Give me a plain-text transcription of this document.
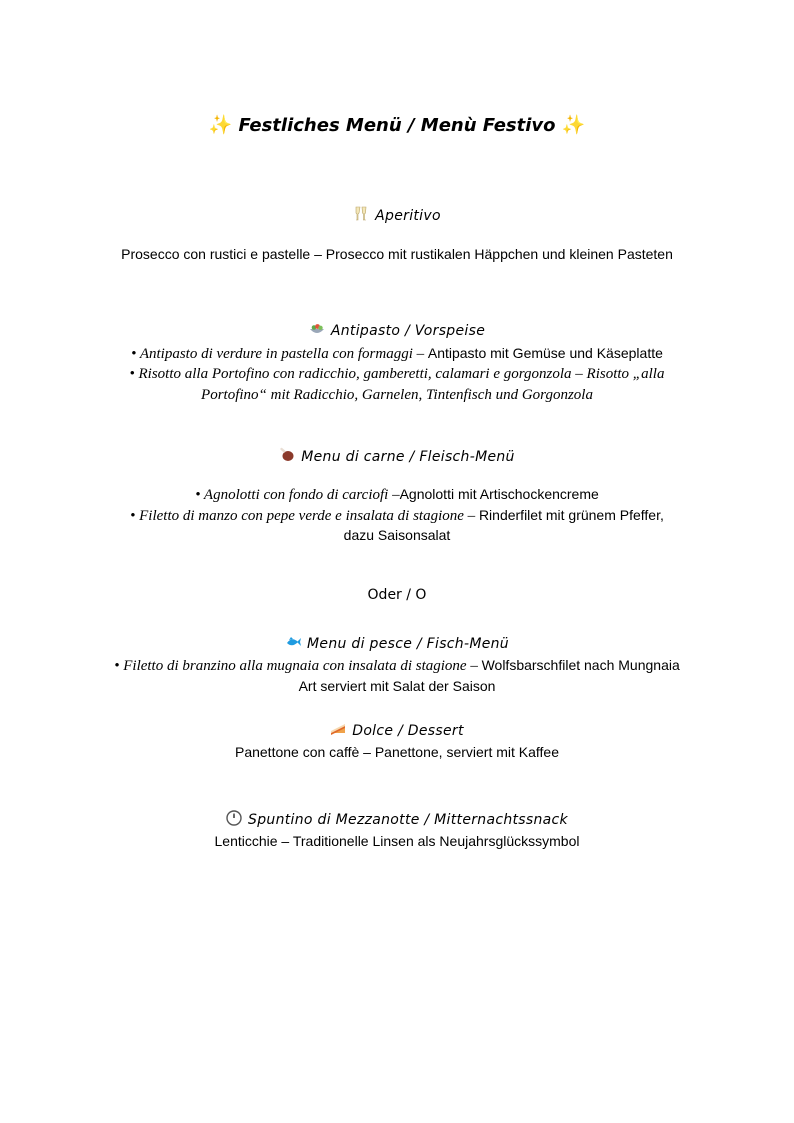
✨ Festliches Menü / Menù Festivo ✨
Aperitivo
Prosecco con rustici e pastelle – Prosecco mit rustikalen Häppchen und kleinen Pasteten
Antipasto / Vorspeise
• Antipasto di verdure in pastella con formaggi – Antipasto mit Gemüse und Käseplatte
• Risotto alla Portofino con radicchio, gamberetti, calamari e gorgonzola – Risotto „alla
Portofino“ mit Radicchio, Garnelen, Tintenfisch und Gorgonzola
Menu di carne / Fleisch-Menü
• Agnolotti con fondo di carciofi –Agnolotti mit Artischockencreme
• Filetto di manzo con pepe verde e insalata di stagione – Rinderfilet mit grünem Pfeffer,
dazu Saisonsalat
Oder / O
Menu di pesce / Fisch-Menü
• Filetto di branzino alla mugnaia con insalata di stagione – Wolfsbarschfilet nach Mungnaia
Art serviert mit Salat der Saison
Dolce / Dessert
Panettone con caffè – Panettone, serviert mit Kaffee
Spuntino di Mezzanotte / Mitternachtssnack
Lenticchie – Traditionelle Linsen als Neujahrsglückssymbol
